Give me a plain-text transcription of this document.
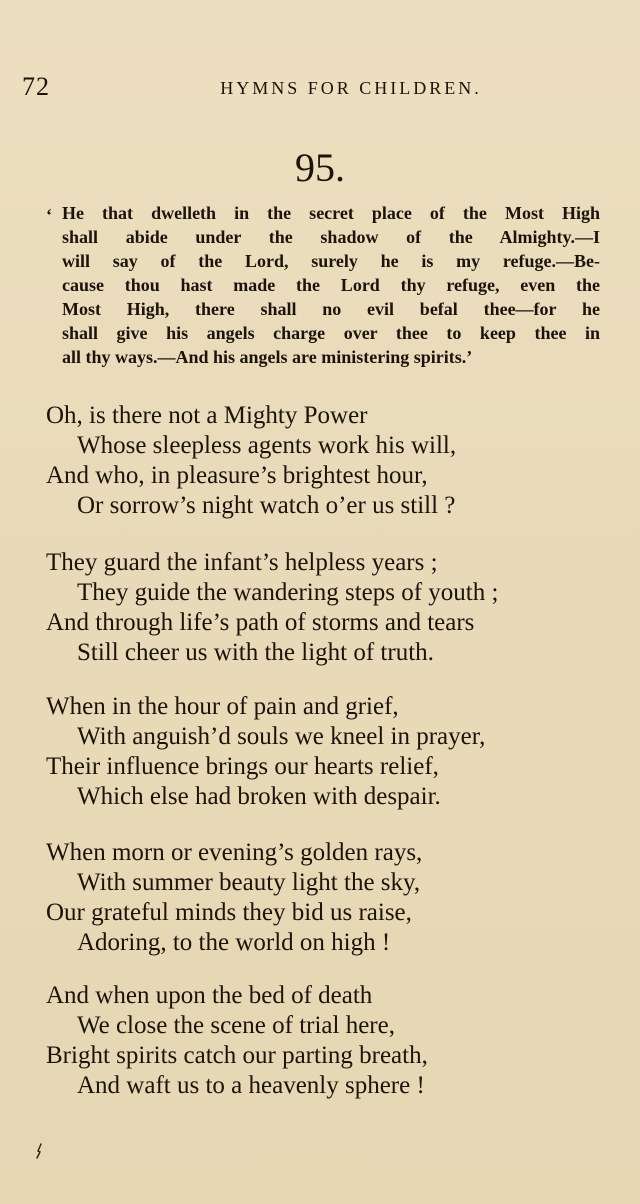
72	HYMNS FOR CHILDREN.
95.
‘ He that dwelleth in the secret place of the Most High
shall abide under the shadow of the Almighty.—I
will say of the Lord, surely he is my refuge.—Be-
cause thou hast made the Lord thy refuge, even the
Most High, there shall no evil befal thee—for he
shall give his angels charge over thee to keep thee in
all thy ways.—And his angels are ministering spirits.’
Oh, is there not a Mighty Power
Whose sleepless agents work his will,
And who, in pleasure’s brightest hour,
Or sorrow’s night watch o’er us still ?
They guard the infant’s helpless years ;
They guide the wandering steps of youth ;
And through life’s path of storms and tears
Still cheer us with the light of truth.
When in the hour of pain and grief,
With anguish’d souls we kneel in prayer,
Their influence brings our hearts relief,
Which else had broken with despair.
When morn or evening’s golden rays,
With summer beauty light the sky,
Our grateful minds they bid us raise,
Adoring, to the world on high !
And when upon the bed of death
We close the scene of trial here,
Bright spirits catch our parting breath,
And waft us to a heavenly sphere !
